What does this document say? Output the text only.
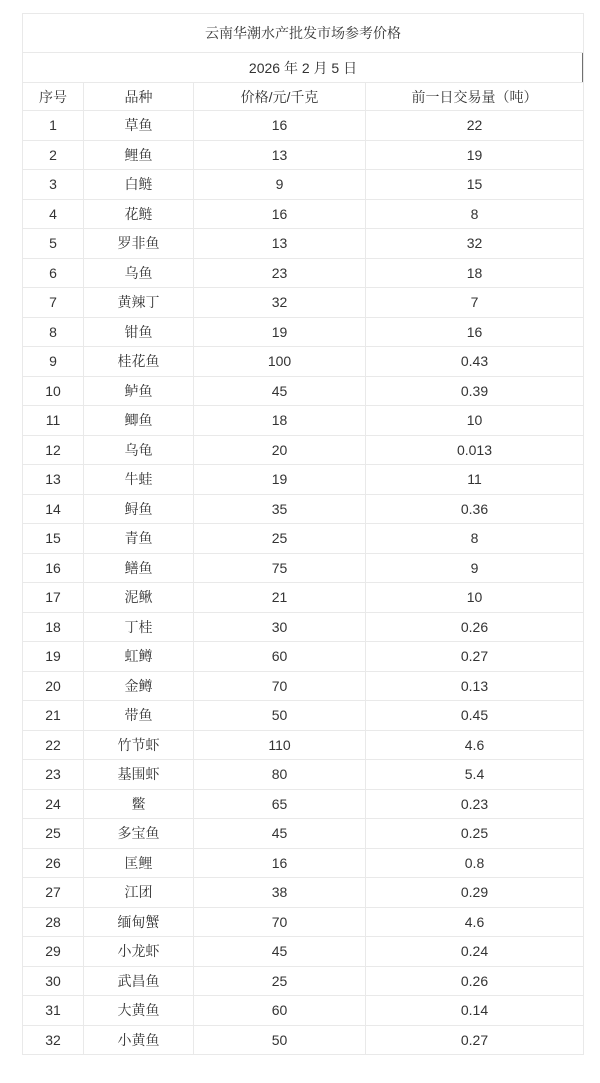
云南华潮水产批发市场参考价格			
2026 年 2 月 5 日			

序号	品种	价格/元/千克	前一日交易量（吨）
1	草鱼	16	22
2	鲤鱼	13	19
3	白鲢	9	15
4	花鲢	16	8
5	罗非鱼	13	32
6	乌鱼	23	18
7	黄辣丁	32	7
8	钳鱼	19	16
9	桂花鱼	100	0.43
10	鲈鱼	45	0.39
11	鲫鱼	18	10
12	乌龟	20	0.013
13	牛蛙	19	11
14	鲟鱼	35	0.36
15	青鱼	25	8
16	鳝鱼	75	9
17	泥鳅	21	10
18	丁桂	30	0.26
19	虹鳟	60	0.27
20	金鳟	70	0.13
21	带鱼	50	0.45
22	竹节虾	110	4.6
23	基围虾	80	5.4
24	鳖	65	0.23
25	多宝鱼	45	0.25
26	匡鲤	16	0.8
27	江团	38	0.29
28	缅甸蟹	70	4.6
29	小龙虾	45	0.24
30	武昌鱼	25	0.26
31	大黄鱼	60	0.14
32	小黄鱼	50	0.27
